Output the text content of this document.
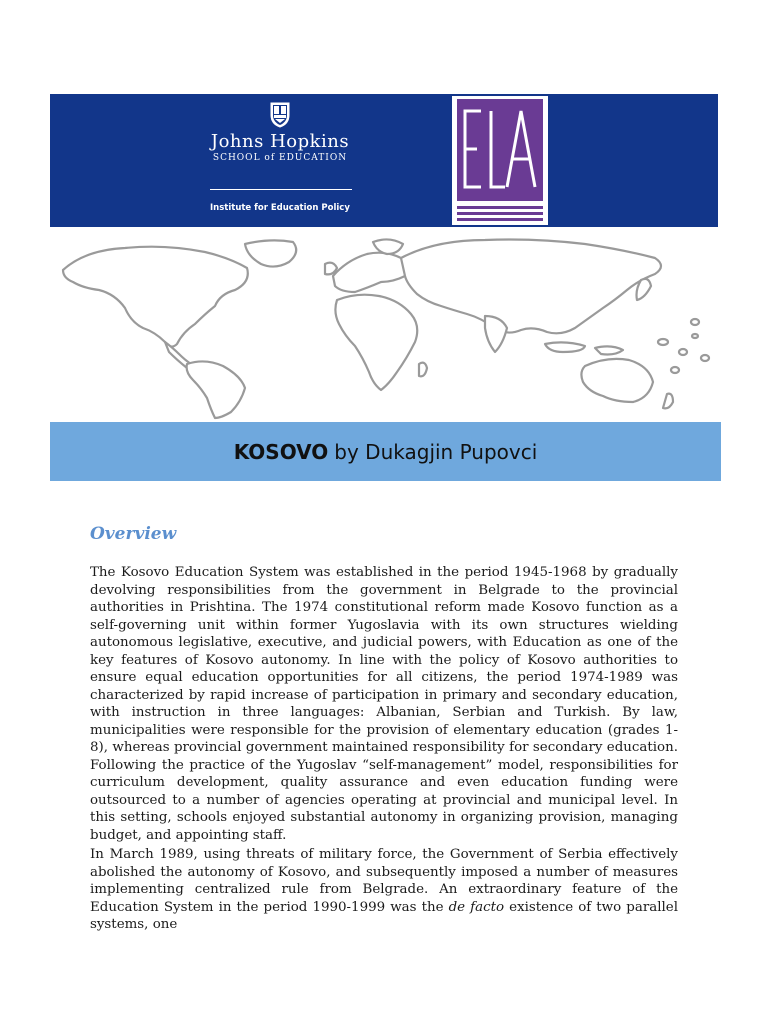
Johns Hopkins
SCHOOL of EDUCATION
Institute for Education Policy
KOSOVO by Dukagjin Pupovci
Overview

The Kosovo Education System was established in the period 1945-1968 by gradually devolving responsibilities from the government in Belgrade to the provincial authorities in Prishtina. The 1974 constitutional reform made Kosovo function as a self-governing unit within former Yugoslavia with its own structures wielding autonomous legislative, executive, and judicial powers, with Education as one of the key features of Kosovo autonomy. In line with the policy of Kosovo authorities to ensure equal education opportunities for all citizens, the period 1974-1989 was characterized by rapid increase of participation in primary and secondary education, with instruction in three languages: Albanian, Serbian and Turkish. By law, municipalities were responsible for the provision of elementary education (grades 1-8), whereas provincial government maintained responsibility for secondary education. Following the practice of the Yugoslav “self-management” model, responsibilities for curriculum development, quality assurance and even education funding were outsourced to a number of agencies operating at provincial and municipal level. In this setting, schools enjoyed substantial autonomy in organizing provision, managing budget, and appointing staff.

In March 1989, using threats of military force, the Government of Serbia effectively abolished the autonomy of Kosovo, and subsequently imposed a number of measures implementing centralized rule from Belgrade. An extraordinary feature of the Education System in the period 1990-1999 was the de facto existence of two parallel systems, one
